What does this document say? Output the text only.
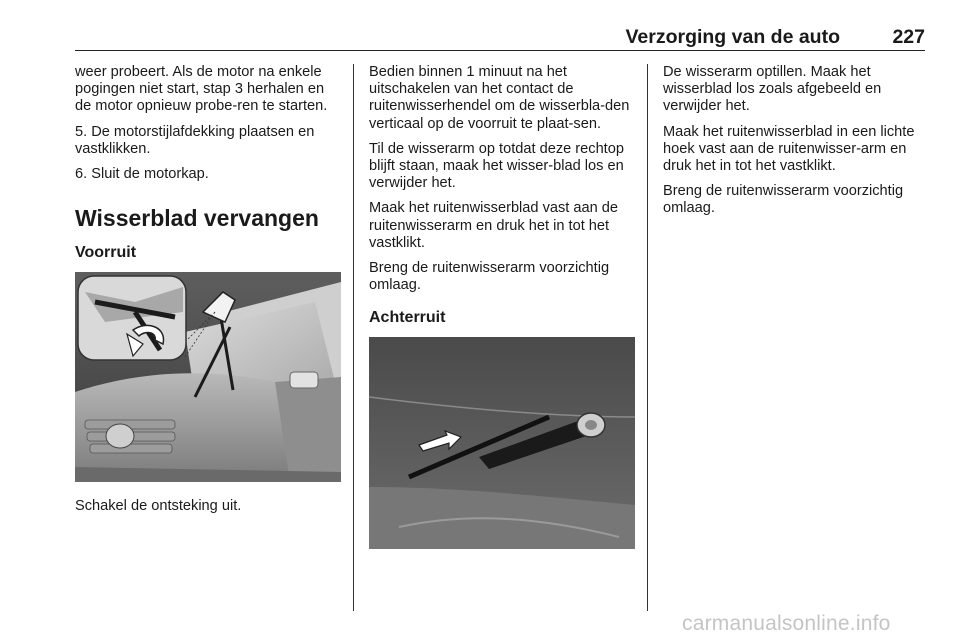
Verzorging van de auto	227

weer probeert. Als de motor na enkele pogingen niet start, stap 3 herhalen en de motor opnieuw probe-ren te starten.

5. De motorstijlafdekking plaatsen en vastklikken.

6. Sluit de motorkap.

Wisserblad vervangen
Voorruit

Schakel de ontsteking uit.

Bedien binnen 1 minuut na het uitschakelen van het contact de ruitenwisserhendel om de wisserbla-den verticaal op de voorruit te plaat-sen.

Til de wisserarm op totdat deze rechtop blijft staan, maak het wisser-blad los en verwijder het.

Maak het ruitenwisserblad vast aan de ruitenwisserarm en druk het in tot het vastklikt.

Breng de ruitenwisserarm voorzichtig omlaag.

Achterruit

De wisserarm optillen. Maak het wisserblad los zoals afgebeeld en verwijder het.

Maak het ruitenwisserblad in een lichte hoek vast aan de ruitenwisser-arm en druk het in tot het vastklikt.

Breng de ruitenwisserarm voorzichtig omlaag.

carmanualsonline.info
